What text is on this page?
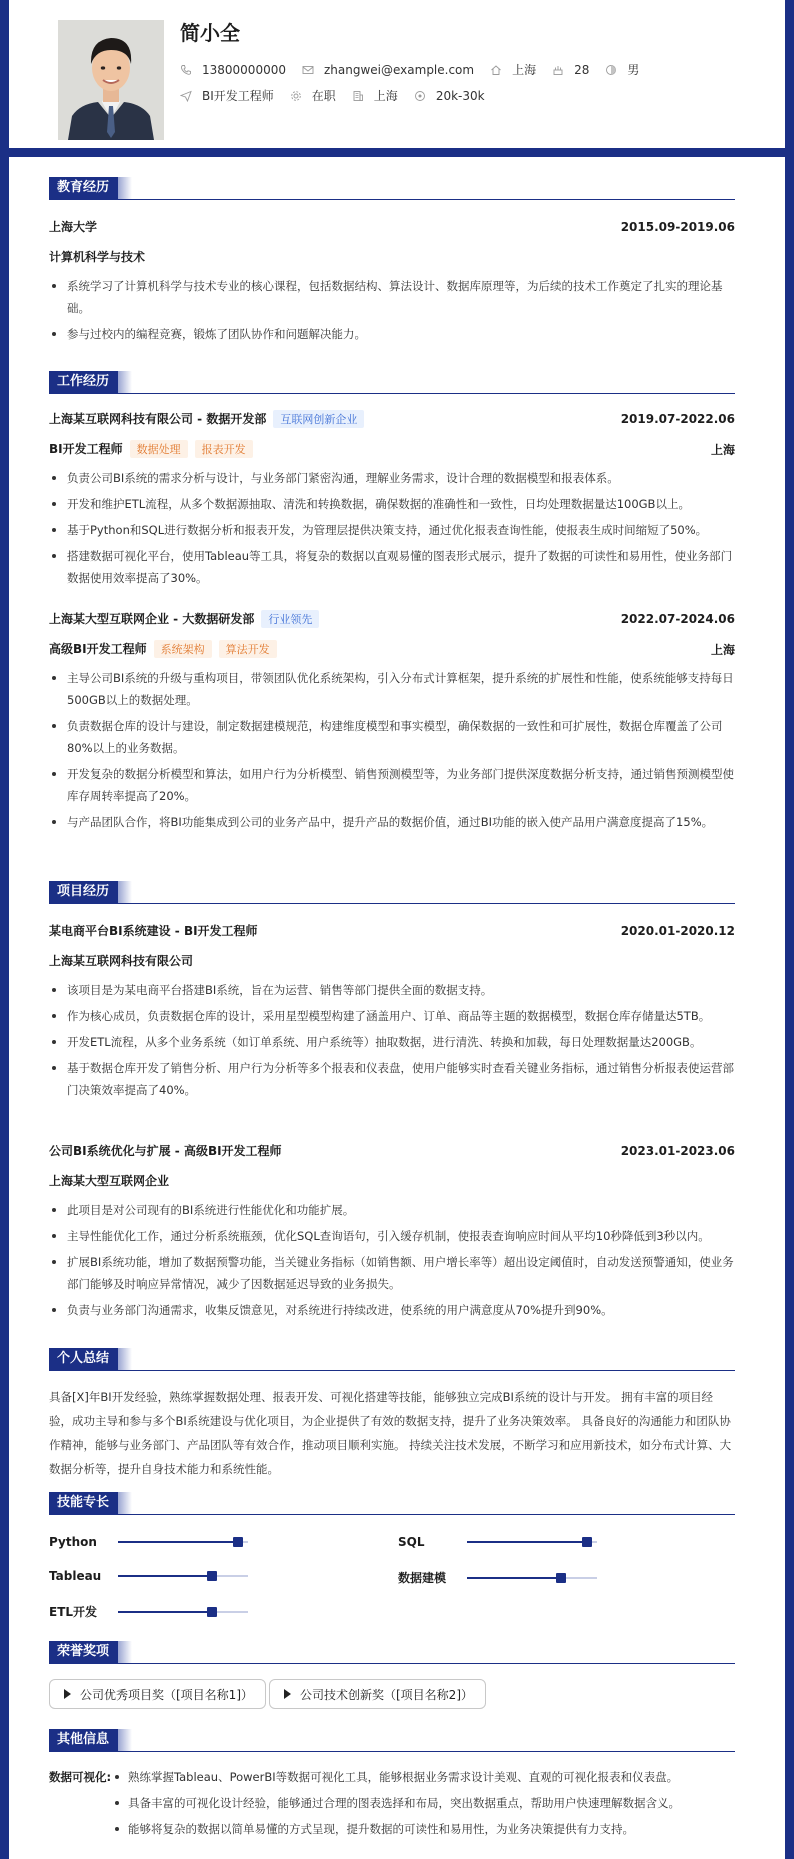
简小全
13800000000	zhangwei@example.com	上海	28	男
BI开发工程师	在职	上海	20k-30k
教育经历
上海大学	2015.09-2019.06
计算机科学与技术
系统学习了计算机科学与技术专业的核心课程，包括数据结构、算法设计、数据库原理等，为后续的技术工作奠定了扎实的理论基础。
参与过校内的编程竞赛，锻炼了团队协作和问题解决能力。
工作经历
上海某互联网科技有限公司 - 数据开发部 互联网创新企业	2019.07-2022.06
BI开发工程师 数据处理 报表开发	上海
负责公司BI系统的需求分析与设计，与业务部门紧密沟通，理解业务需求，设计合理的数据模型和报表体系。
开发和维护ETL流程，从多个数据源抽取、清洗和转换数据，确保数据的准确性和一致性，日均处理数据量达100GB以上。
基于Python和SQL进行数据分析和报表开发，为管理层提供决策支持，通过优化报表查询性能，使报表生成时间缩短了50%。
搭建数据可视化平台，使用Tableau等工具，将复杂的数据以直观易懂的图表形式展示，提升了数据的可读性和易用性，使业务部门数据使用效率提高了30%。
上海某大型互联网企业 - 大数据研发部 行业领先	2022.07-2024.06
高级BI开发工程师 系统架构 算法开发	上海
主导公司BI系统的升级与重构项目，带领团队优化系统架构，引入分布式计算框架，提升系统的扩展性和性能，使系统能够支持每日500GB以上的数据处理。
负责数据仓库的设计与建设，制定数据建模规范，构建维度模型和事实模型，确保数据的一致性和可扩展性，数据仓库覆盖了公司80%以上的业务数据。
开发复杂的数据分析模型和算法，如用户行为分析模型、销售预测模型等，为业务部门提供深度数据分析支持，通过销售预测模型使库存周转率提高了20%。
与产品团队合作，将BI功能集成到公司的业务产品中，提升产品的数据价值，通过BI功能的嵌入使产品用户满意度提高了15%。
项目经历
某电商平台BI系统建设 - BI开发工程师	2020.01-2020.12
上海某互联网科技有限公司
该项目是为某电商平台搭建BI系统，旨在为运营、销售等部门提供全面的数据支持。
作为核心成员，负责数据仓库的设计，采用星型模型构建了涵盖用户、订单、商品等主题的数据模型，数据仓库存储量达5TB。
开发ETL流程，从多个业务系统（如订单系统、用户系统等）抽取数据，进行清洗、转换和加载，每日处理数据量达200GB。
基于数据仓库开发了销售分析、用户行为分析等多个报表和仪表盘，使用户能够实时查看关键业务指标，通过销售分析报表使运营部门决策效率提高了40%。
公司BI系统优化与扩展 - 高级BI开发工程师	2023.01-2023.06
上海某大型互联网企业
此项目是对公司现有的BI系统进行性能优化和功能扩展。
主导性能优化工作，通过分析系统瓶颈，优化SQL查询语句，引入缓存机制，使报表查询响应时间从平均10秒降低到3秒以内。
扩展BI系统功能，增加了数据预警功能，当关键业务指标（如销售额、用户增长率等）超出设定阈值时，自动发送预警通知，使业务部门能够及时响应异常情况，减少了因数据延迟导致的业务损失。
负责与业务部门沟通需求，收集反馈意见，对系统进行持续改进，使系统的用户满意度从70%提升到90%。
个人总结
具备[X]年BI开发经验，熟练掌握数据处理、报表开发、可视化搭建等技能，能够独立完成BI系统的设计与开发。 拥有丰富的项目经验，成功主导和参与多个BI系统建设与优化项目，为企业提供了有效的数据支持，提升了业务决策效率。 具备良好的沟通能力和团队协作精神，能够与业务部门、产品团队等有效合作，推动项目顺利实施。 持续关注技术发展，不断学习和应用新技术，如分布式计算、大数据分析等，提升自身技术能力和系统性能。
技能专长
Python	SQL
Tableau	数据建模
ETL开发
荣誉奖项
公司优秀项目奖（[项目名称1]）	公司技术创新奖（[项目名称2]）
其他信息
数据可视化:	熟练掌握Tableau、PowerBI等数据可视化工具，能够根据业务需求设计美观、直观的可视化报表和仪表盘。
具备丰富的可视化设计经验，能够通过合理的图表选择和布局，突出数据重点，帮助用户快速理解数据含义。
能够将复杂的数据以简单易懂的方式呈现，提升数据的可读性和易用性，为业务决策提供有力支持。
